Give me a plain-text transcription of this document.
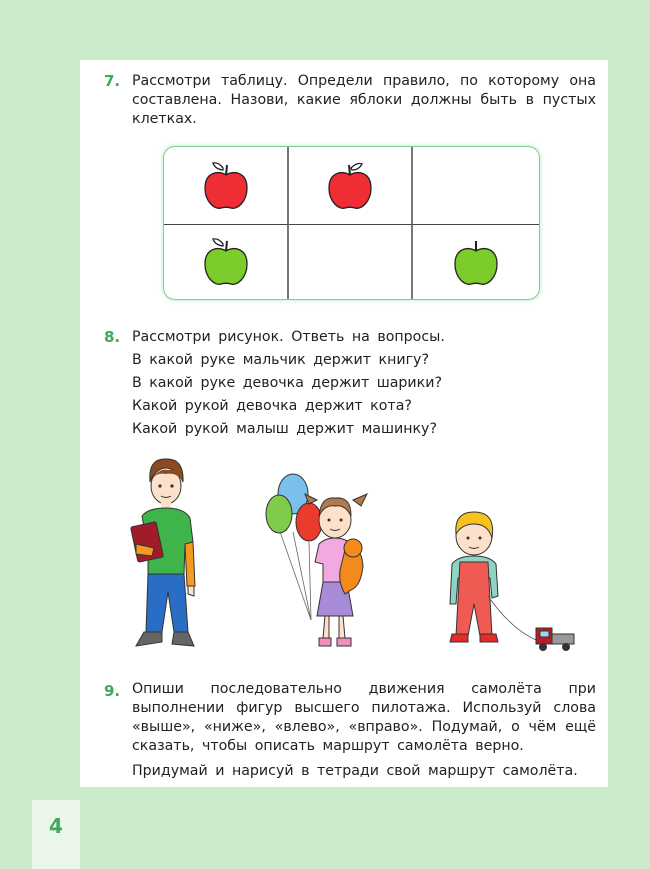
7. Рассмотри таблицу. Определи правило, по которому она составлена. Назови, какие яблоки должны быть в пустых клетках.
8. Рассмотри рисунок. Ответь на вопросы.
В какой руке мальчик держит книгу?
В какой руке девочка держит шарики?
Какой рукой девочка держит кота?
Какой рукой малыш держит машинку?
9. Опиши последовательно движения самолёта при выполнении фигур высшего пилотажа. Используй слова «выше», «ниже», «влево», «вправо». Подумай, о чём ещё сказать, чтобы описать маршрут самолёта верно.
Придумай и нарисуй в тетради свой маршрут самолёта.
4
